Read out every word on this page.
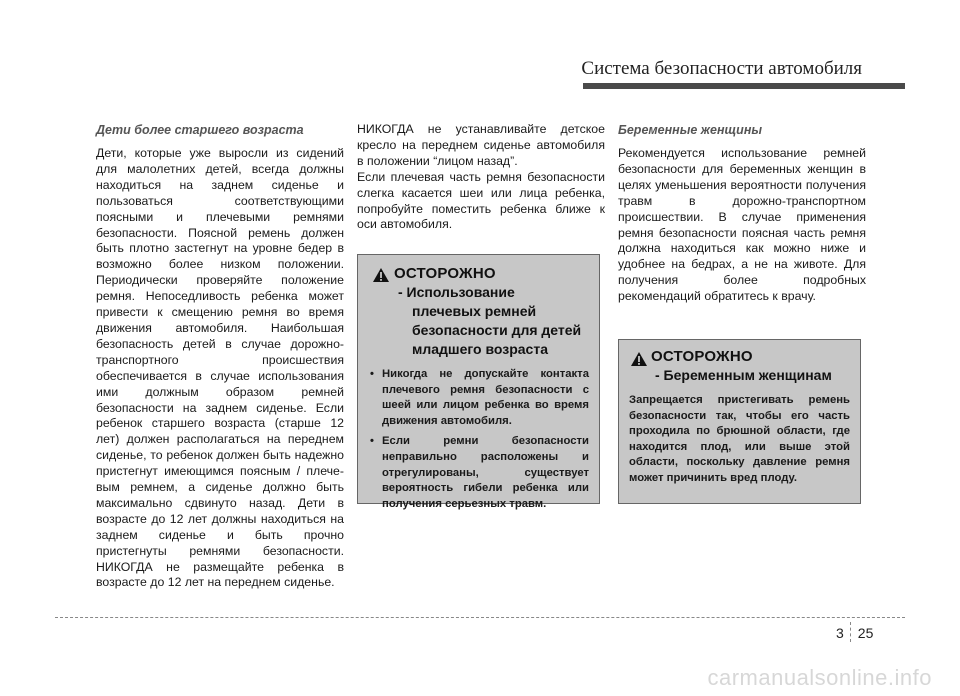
Система безопасности автомобиля

Дети более старшего возраста

Дети, которые уже выросли из сидений для малолетних детей, всегда должны находиться на заднем сиденье и пользоваться соответствующими поясными и плечевыми ремнями безопасности. Поясной ремень должен быть плотно застегнут на уровне бедер в возможно более низком положении. Периодически проверяйте положение ремня. Непоседливость ребенка может привести к смещению ремня во время движения автомобиля. Наибольшая безопасность детей в случае дорожно-транспортного происшествия обеспечивается в случае использования ими должным образом ремней безопасности на заднем сиденье. Если ребенок старшего возраста (старше 12 лет) должен располагаться на переднем сиденье, то ребенок должен быть надежно пристегнут имеющимся поясным / плечевым ремнем, а сиденье должно быть максимально сдвинуто назад. Дети в возрасте до 12 лет должны находиться на заднем сиденье и быть прочно пристегнуты ремнями безопасности. НИКОГДА не размещайте ребенка в возрасте до 12 лет на переднем сиденье.

НИКОГДА не устанавливайте детское кресло на переднем сиденье автомобиля в положении “лицом назад”.

Если плечевая часть ремня безопасности слегка касается шеи или лица ребенка, попробуйте поместить ребенка ближе к оси автомобиля.

ОСТОРОЖНО
- Использование
плечевых ремней
безопасности для детей
младшего возраста
• Никогда не допускайте контакта плечевого ремня безопасности с шеей или лицом ребенка во время движения автомобиля.
• Если ремни безопасности неправильно расположены и отрегулированы, существует вероятность гибели ребенка или получения серьезных травм.

Беременные женщины

Рекомендуется использование ремней безопасности для беременных женщин в целях уменьшения вероятности получения травм в дорожно-транспортном происшествии. В случае применения ремня безопасности поясная часть ремня должна находиться как можно ниже и удобнее на бедрах, а не на животе. Для получения более подробных рекомендаций обратитесь к врачу.

ОСТОРОЖНО
- Беременным женщинам

Запрещается пристегивать ремень безопасности так, чтобы его часть проходила по брюшной области, где находится плод, или выше этой области, поскольку давление ремня может причинить вред плоду.

3 25
carmanualsonline.info
